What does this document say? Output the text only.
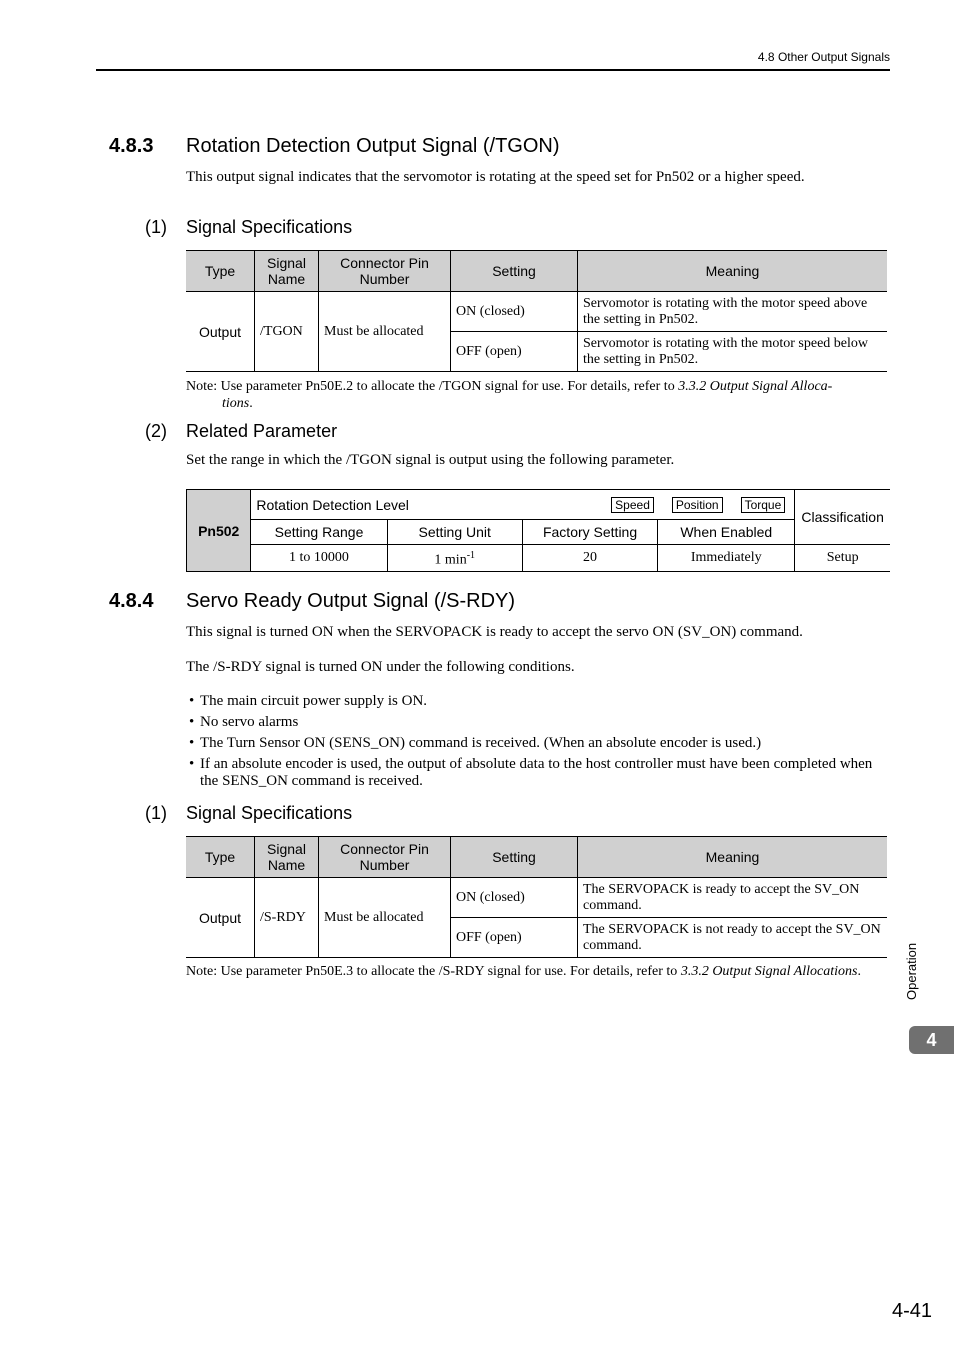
4.8 Other Output Signals
4.8.3 Rotation Detection Output Signal (/TGON)
This output signal indicates that the servomotor is rotating at the speed set for Pn502 or a higher speed.
(1) Signal Specifications
Type	Signal Name	Connector Pin Number	Setting	Meaning
Output	/TGON	Must be allocated	ON (closed)	Servomotor is rotating with the motor speed above the setting in Pn502.
			OFF (open)	Servomotor is rotating with the motor speed below the setting in Pn502.
Note: Use parameter Pn50E.2 to allocate the /TGON signal for use. For details, refer to 3.3.2 Output Signal Alloca-
tions.
(2) Related Parameter
Set the range in which the /TGON signal is output using the following parameter.
Pn502	Rotation Detection Level Speed Position Torque				Classification
	Setting Range	Setting Unit	Factory Setting	When Enabled	
	1 to 10000	1 $\min^{-1}$	20	Immediately	Setup
4.8.4 Servo Ready Output Signal (/S-RDY)
This signal is turned ON when the SERVOPACK is ready to accept the servo ON (SV_ON) command.
The /S-RDY signal is turned ON under the following conditions.
• The main circuit power supply is ON.
• No servo alarms
• The Turn Sensor ON (SENS_ON) command is received. (When an absolute encoder is used.)
• If an absolute encoder is used, the output of absolute data to the host controller must have been completed when the SENS_ON command is received.
(1) Signal Specifications
Type	Signal Name	Connector Pin Number	Setting	Meaning
Output	/S-RDY	Must be allocated	ON (closed)	The SERVOPACK is ready to accept the SV_ON command.
			OFF (open)	The SERVOPACK is not ready to accept the SV_ON command.
Note: Use parameter Pn50E.3 to allocate the /S-RDY signal for use. For details, refer to 3.3.2 Output Signal Allocations.	Operation
4
4-41
